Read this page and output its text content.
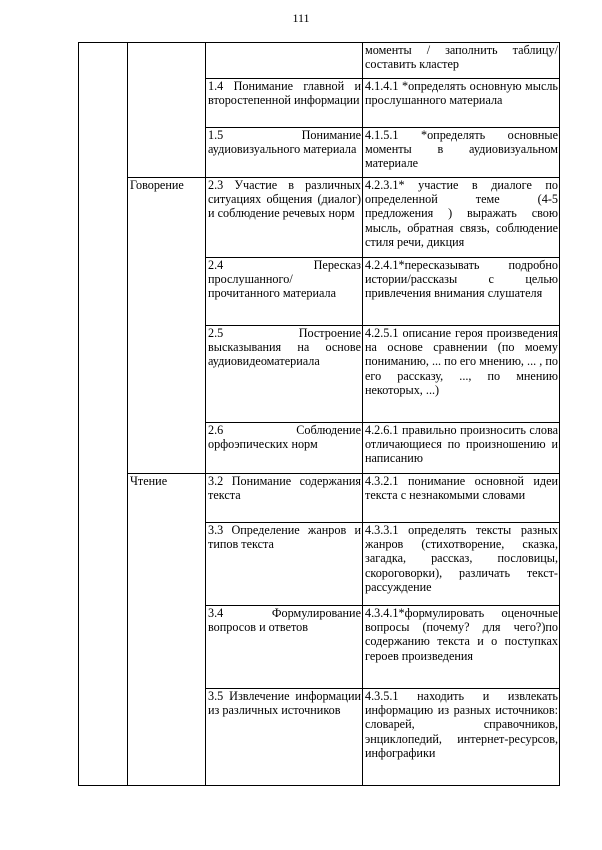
111
			моменты / заполнить таблицу/составить кластер
		1.4 Понимание главной и второстепенной информации	4.1.4.1 *определять основную мысль прослушанного материала
		1.5 Понимание аудиовизуального материала	4.1.5.1 *определять основные моменты в аудиовизуальном материале
	Говорение	2.3 Участие в различных ситуациях общения (диалог) и соблюдение речевых норм	4.2.3.1* участие в диалоге по определенной теме (4-5 предложения ) выражать свою мысль, обратная связь, соблюдение стиля речи, дикция
		2.4 Пересказ прослушанного/прочитанного материала	4.2.4.1*пересказывать подробно истории/рассказы с целью привлечения внимания слушателя
		2.5 Построение высказывания на основе аудиовидеоматериала	4.2.5.1 описание героя произведения на основе сравнении (по моему пониманию, ... по его мнению, ... , по его рассказу, ..., по мнению некоторых, ...)
		2.6 Соблюдение орфоэпических норм	4.2.6.1 правильно произносить слова отличающиеся по произношению и написанию
	Чтение	3.2 Понимание содержания текста	4.3.2.1 понимание основной идеи текста с незнакомыми словами
		3.3 Определение жанров и типов текста	4.3.3.1 определять тексты разных жанров (стихотворение, сказка, загадка, рассказ, пословицы, скороговорки), различать текст-рассуждение
		3.4 Формулирование вопросов и ответов	4.3.4.1*формулировать оценочные вопросы (почему? для чего?)по содержанию текста и о поступках героев произведения
		3.5 Извлечение информации из различных источников	4.3.5.1 находить и извлекать информацию из разных источников: словарей, справочников, энциклопедий, интернет-ресурсов, инфографики
